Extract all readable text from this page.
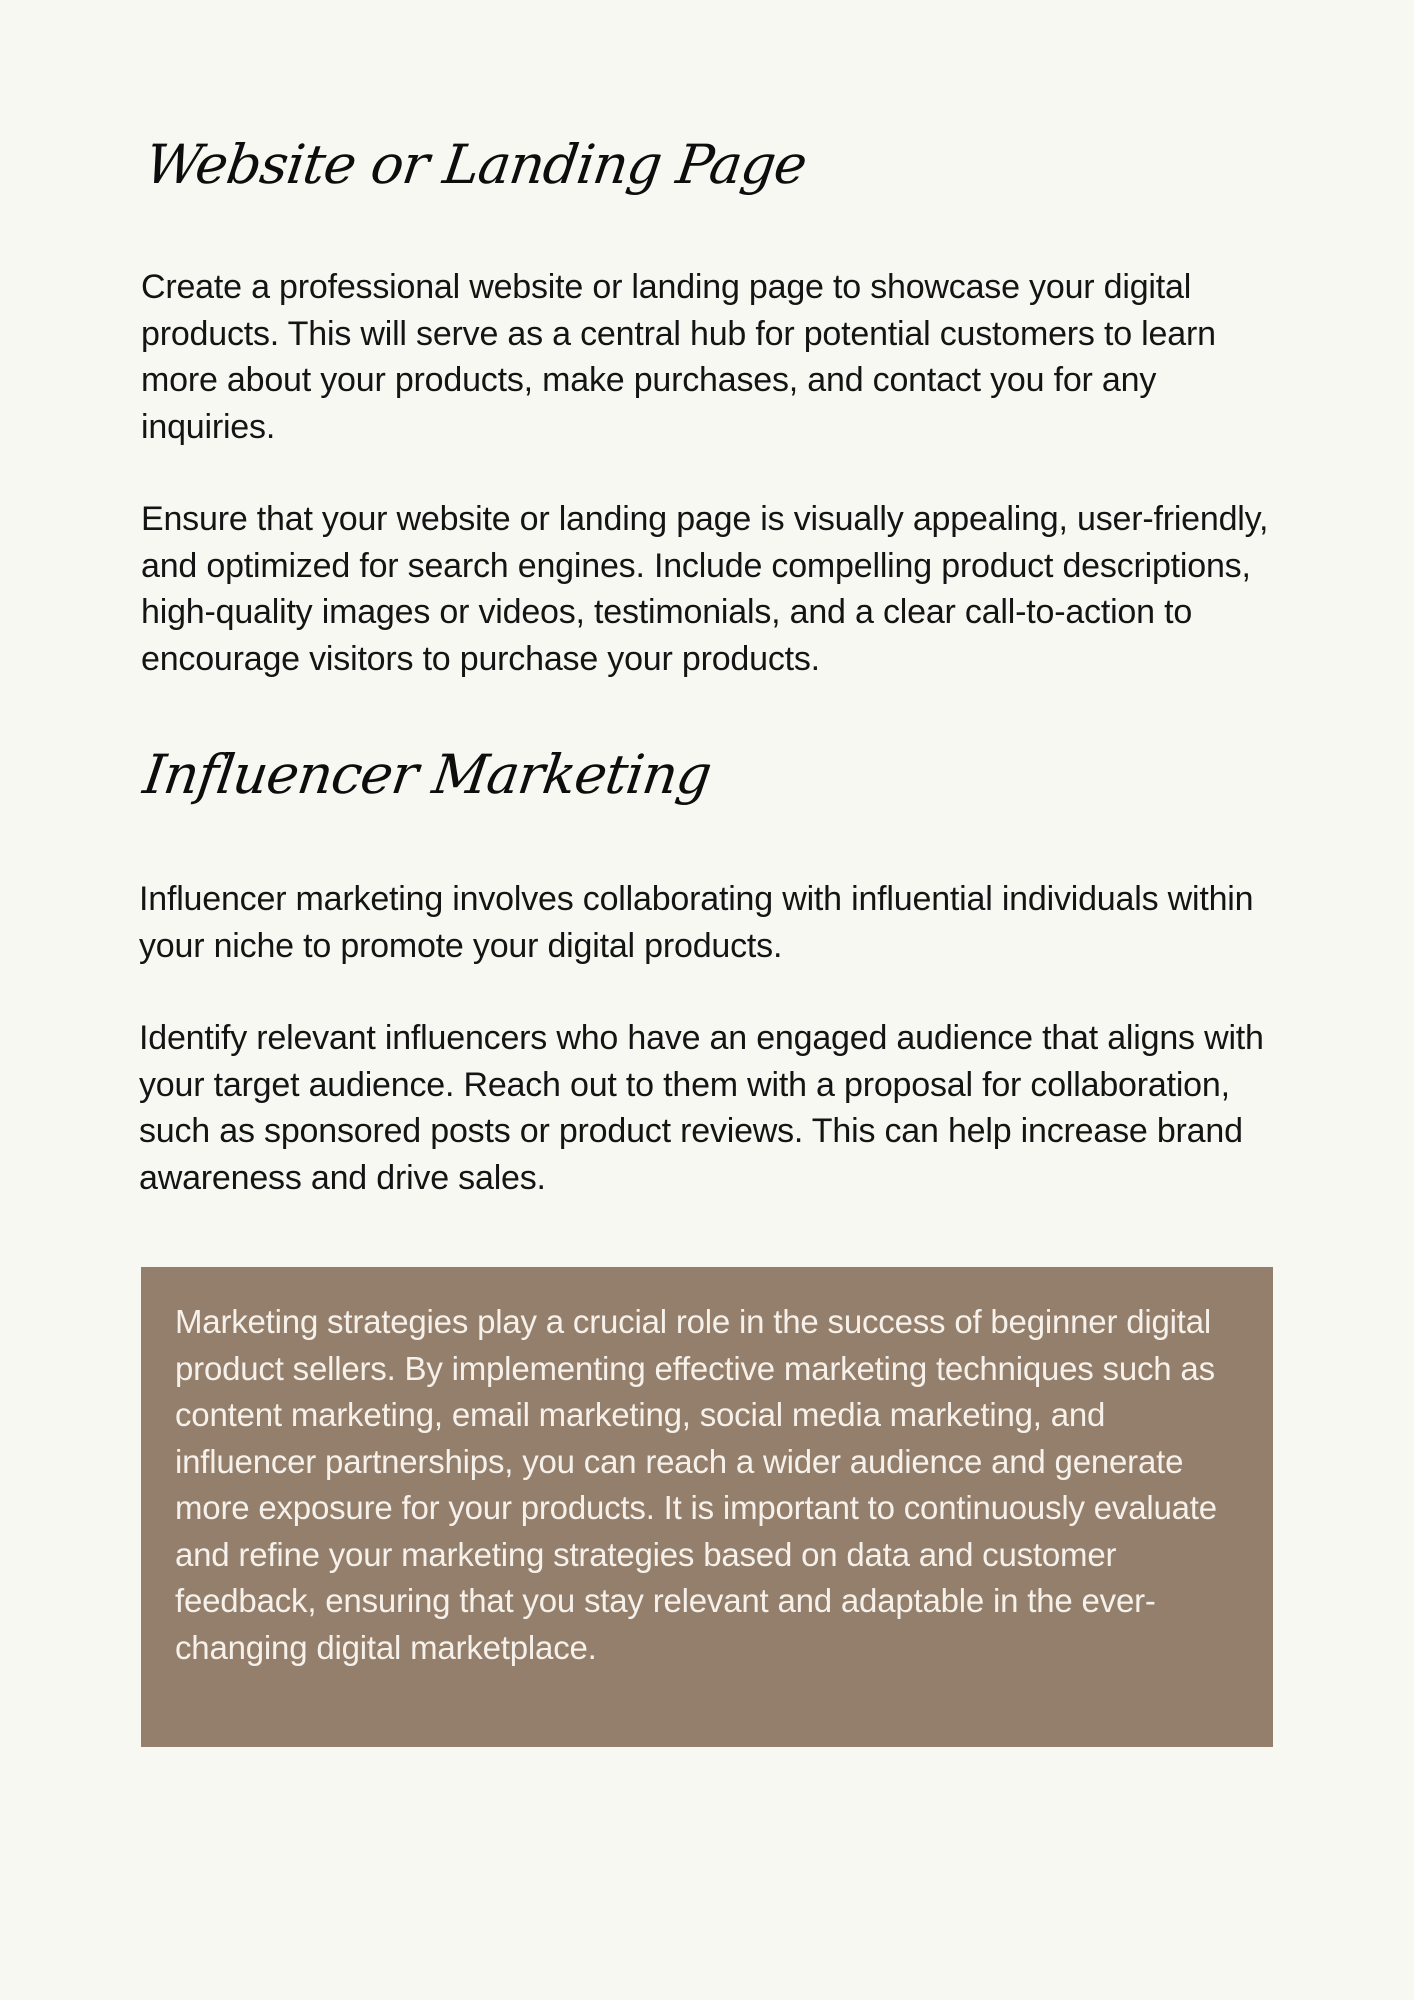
Website or Landing Page

Create a professional website or landing page to showcase your digital products. This will serve as a central hub for potential customers to learn more about your products, make purchases, and contact you for any inquiries.

Ensure that your website or landing page is visually appealing, user-friendly, and optimized for search engines. Include compelling product descriptions, high-quality images or videos, testimonials, and a clear call-to-action to encourage visitors to purchase your products.

Influencer Marketing

Influencer marketing involves collaborating with influential individuals within your niche to promote your digital products.

Identify relevant influencers who have an engaged audience that aligns with your target audience. Reach out to them with a proposal for collaboration, such as sponsored posts or product reviews. This can help increase brand awareness and drive sales.

Marketing strategies play a crucial role in the success of beginner digital product sellers. By implementing effective marketing techniques such as content marketing, email marketing, social media marketing, and influencer partnerships, you can reach a wider audience and generate more exposure for your products. It is important to continuously evaluate and refine your marketing strategies based on data and customer feedback, ensuring that you stay relevant and adaptable in the ever-changing digital marketplace.
